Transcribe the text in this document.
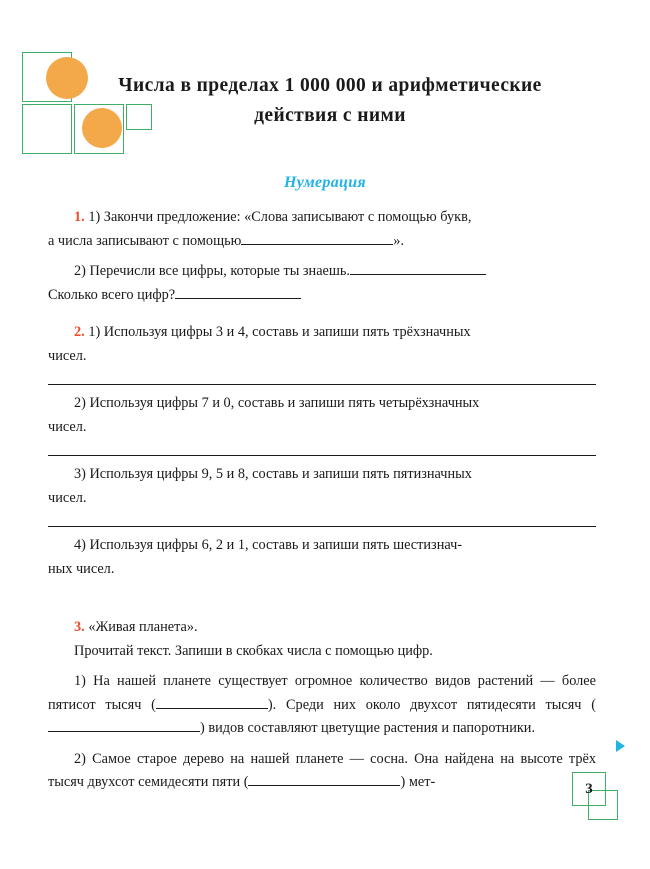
Числа в пределах 1 000 000 и арифметические
действия с ними
Нумерация

1. 1) Закончи предложение: «Слова записывают с помощью букв,

а числа записывают с помощью	».

2) Перечисли все цифры, которые ты знаешь.

Сколько всего цифр?

2. 1) Используя цифры 3 и 4, составь и запиши пять трёхзначных

чисел.

2) Используя цифры 7 и 0, составь и запиши пять четырёхзначных

чисел.

3) Используя цифры 9, 5 и 8, составь и запиши пять пятизначных

чисел.

4) Используя цифры 6, 2 и 1, составь и запиши пять шестизнач-

ных чисел.

3. «Живая планета».

Прочитай текст. Запиши в скобках числа с помощью цифр.

1) На нашей планете существует огромное количество видов растений — более пятисот тысяч (	). Среди них около двухсот пятидесяти тысяч () видов составляют цветущие растения и папоротники.

2) Самое старое дерево на нашей планете — сосна. Она найдена на высоте трёх тысяч двухсот семидесяти пяти (	) мет-	3
